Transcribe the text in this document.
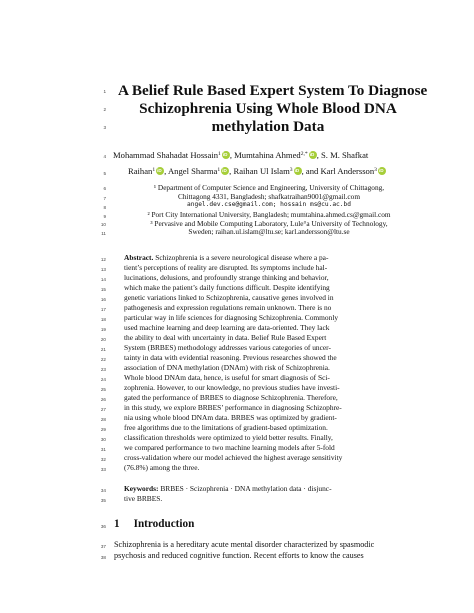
1 A Belief Rule Based Expert System To Diagnose
2	Schizophrenia Using Whole Blood DNA
3	methylation Data
4 Mohammad Shahadat Hossain$^1$ iD , Mumtahina Ahmed$^{2,*}$ iD , S. M. Shafkat
5	Raihan$^1$ iD , Angel Sharma$^1$ iD , Raihan Ul Islam$^3$ iD , and Karl Andersson$^3$iD
6	¹ Department of Computer Science and Engineering, University of Chittagong,
7	Chittagong 4331, Bangladesh; shafkatraihan9001@gmail.com
8	angel.dev.cse@gmail.com; hossain ms@cu.ac.bd
9	² Port City International University, Bangladesh; mumtahina.ahmed.cs@gmail.com
10	³ Pervasive and Mobile Computing Laboratory, Lule°a University of Technology,
11	Sweden; raihan.ul.islam@ltu.se; karl.andersson@ltu.se
12 Abstract. Schizophrenia is a severe neurological disease where a pa-
13 tient’s perceptions of reality are disrupted. Its symptoms include hal-
14 lucinations, delusions, and profoundly strange thinking and behavior,
15 which make the patient’s daily functions difficult. Despite identifying
16 genetic variations linked to Schizophrenia, causative genes involved in
17 pathogenesis and expression regulations remain unknown. There is no
18 particular way in life sciences for diagnosing Schizophrenia. Commonly
19 used machine learning and deep learning are data-oriented. They lack
20 the ability to deal with uncertainty in data. Belief Rule Based Expert
21 System (BRBES) methodology addresses various categories of uncer-
22 tainty in data with evidential reasoning. Previous researches showed the
23 association of DNA methylation (DNAm) with risk of Schizophrenia.
24 Whole blood DNAm data, hence, is useful for smart diagnosis of Sci-
25 zophrenia. However, to our knowledge, no previous studies have investi-
26 gated the performance of BRBES to diagnose Schizophrenia. Therefore,
27 in this study, we explore BRBES’ performance in diagnosing Schizophre-
28 nia using whole blood DNAm data. BRBES was optimized by gradient-
29 free algorithms due to the limitations of gradient-based optimization.
30 classification thresholds were optimized to yield better results. Finally,
31 we compared performance to two machine learning models after 5-fold
32 cross-validation where our model achieved the highest average sensitivity
33 (76.8%) among the three.
34 Keywords: BRBES · Scizophrenia · DNA methylation data · disjunc-
35 tive BRBES.
36 1 Introduction
37 Schizophrenia is a hereditary acute mental disorder characterized by spasmodic
38 psychosis and reduced cognitive function. Recent efforts to know the causes
